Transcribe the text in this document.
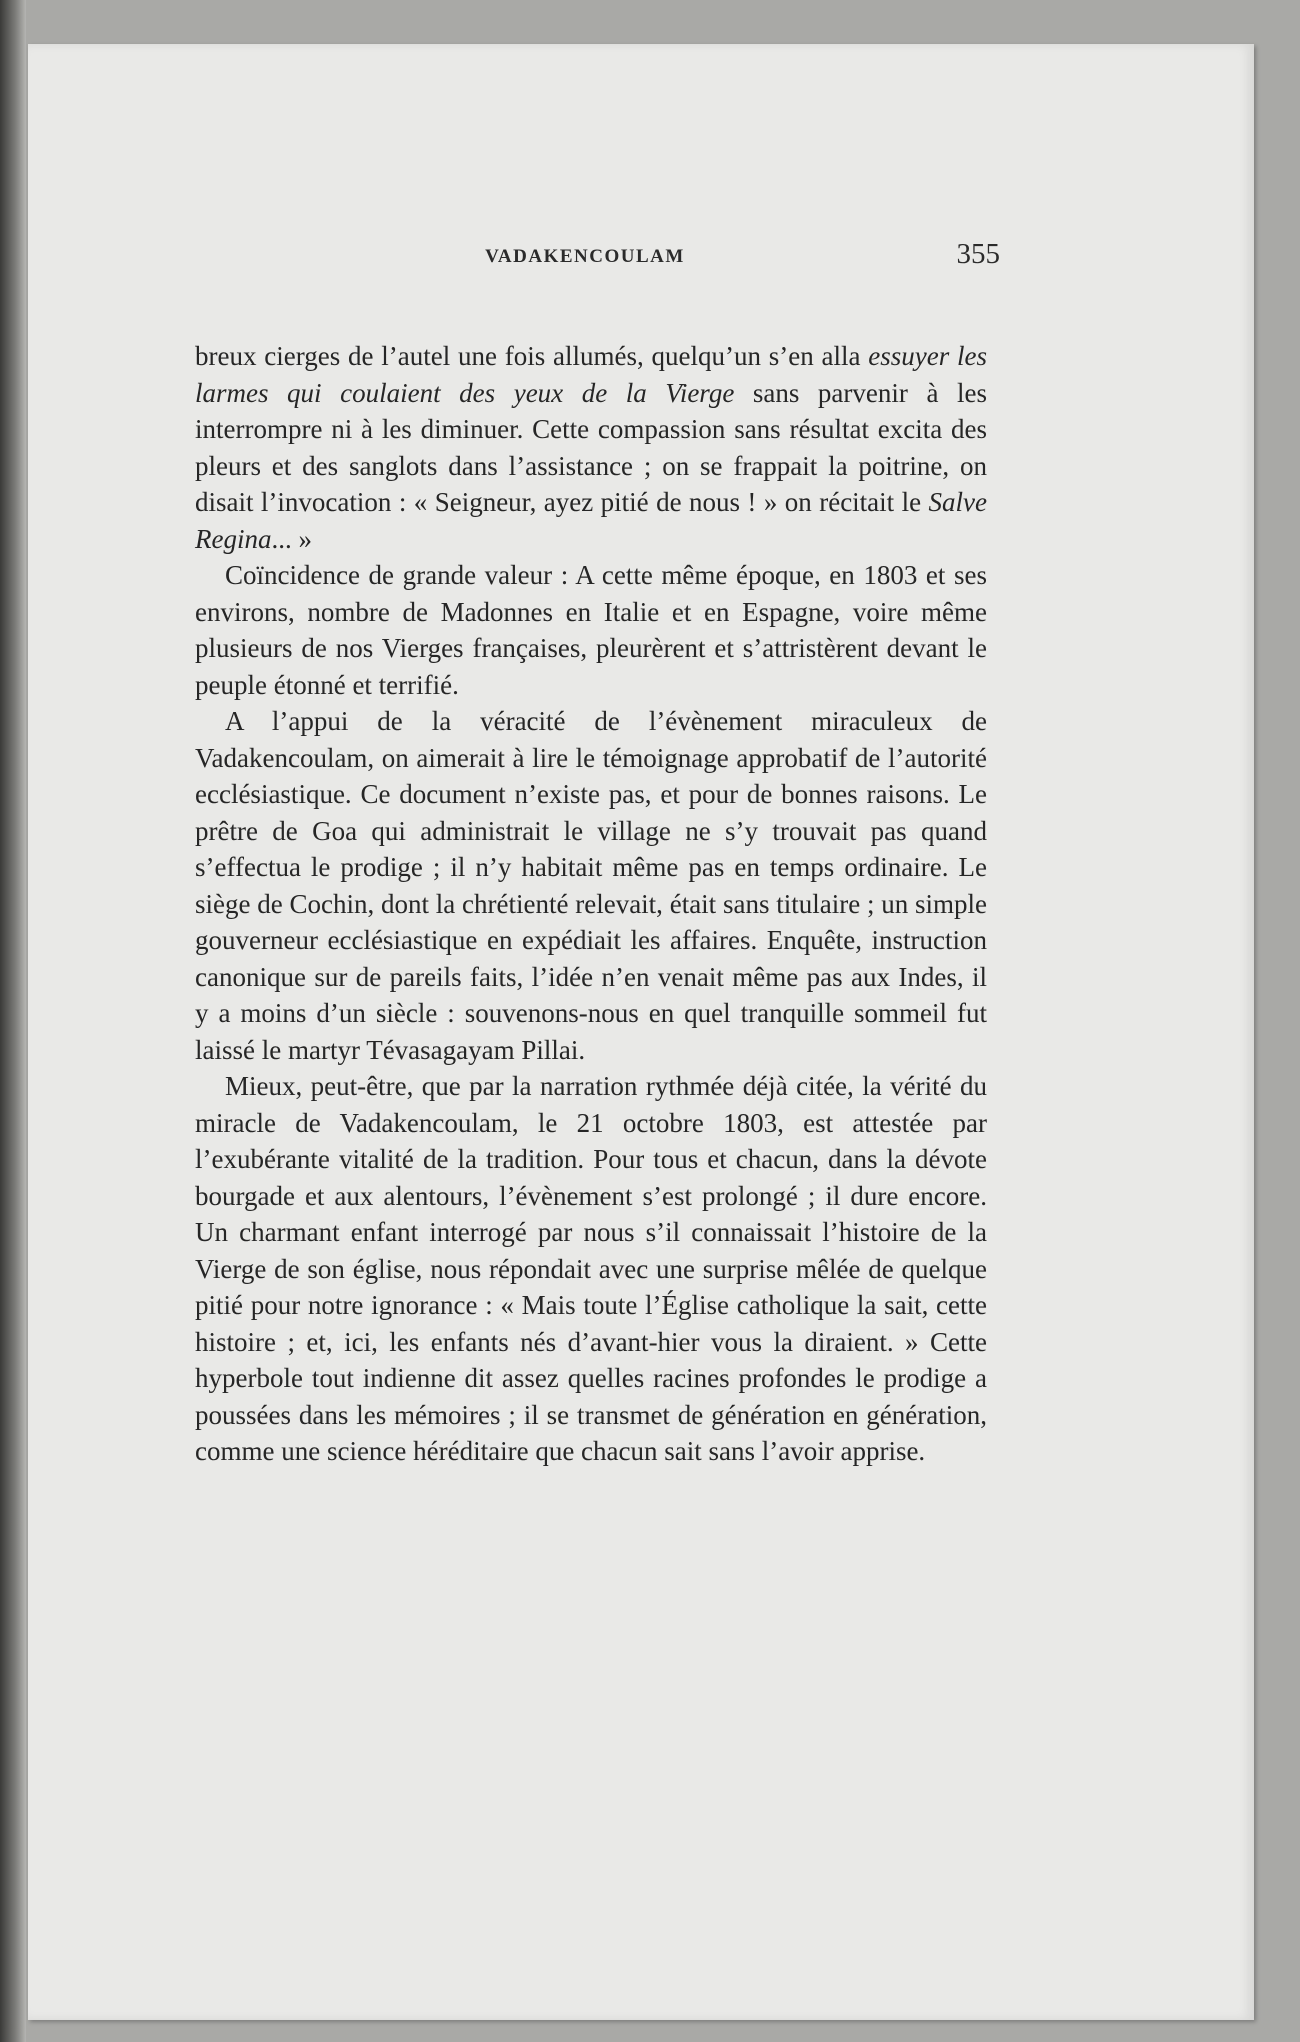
VADAKENCOULAM	355

breux cierges de l’autel une fois allumés, quelqu’un s’en alla essuyer les larmes qui coulaient des yeux de la Vierge sans parvenir à les interrompre ni à les diminuer. Cette compassion sans résultat excita des pleurs et des sanglots dans l’assistance ; on se frappait la poitrine, on disait l’invocation : « Seigneur, ayez pitié de nous ! » on récitait le Salve Regina... »

Coïncidence de grande valeur : A cette même époque, en 1803 et ses environs, nombre de Madonnes en Italie et en Espagne, voire même plusieurs de nos Vierges françaises, pleurèrent et s’attristèrent devant le peuple étonné et terrifié.

A l’appui de la véracité de l’évènement miraculeux de Vadakencoulam, on aimerait à lire le témoignage approbatif de l’autorité ecclésiastique. Ce document n’existe pas, et pour de bonnes raisons. Le prêtre de Goa qui administrait le village ne s’y trouvait pas quand s’effectua le prodige ; il n’y habitait même pas en temps ordinaire. Le siège de Cochin, dont la chrétienté relevait, était sans titulaire ; un simple gouverneur ecclésiastique en expédiait les affaires. Enquête, instruction canonique sur de pareils faits, l’idée n’en venait même pas aux Indes, il y a moins d’un siècle : souvenons-nous en quel tranquille sommeil fut laissé le martyr Tévasagayam Pillai.

Mieux, peut-être, que par la narration rythmée déjà citée, la vérité du miracle de Vadakencoulam, le 21 octobre 1803, est attestée par l’exubérante vitalité de la tradition. Pour tous et chacun, dans la dévote bourgade et aux alentours, l’évènement s’est prolongé ; il dure encore. Un charmant enfant interrogé par nous s’il connaissait l’histoire de la Vierge de son église, nous répondait avec une surprise mêlée de quelque pitié pour notre ignorance : « Mais toute l’Église catholique la sait, cette histoire ; et, ici, les enfants nés d’avant-hier vous la diraient. » Cette hyperbole tout indienne dit assez quelles racines profondes le prodige a poussées dans les mémoires ; il se transmet de génération en génération, comme une science héréditaire que chacun sait sans l’avoir apprise.
